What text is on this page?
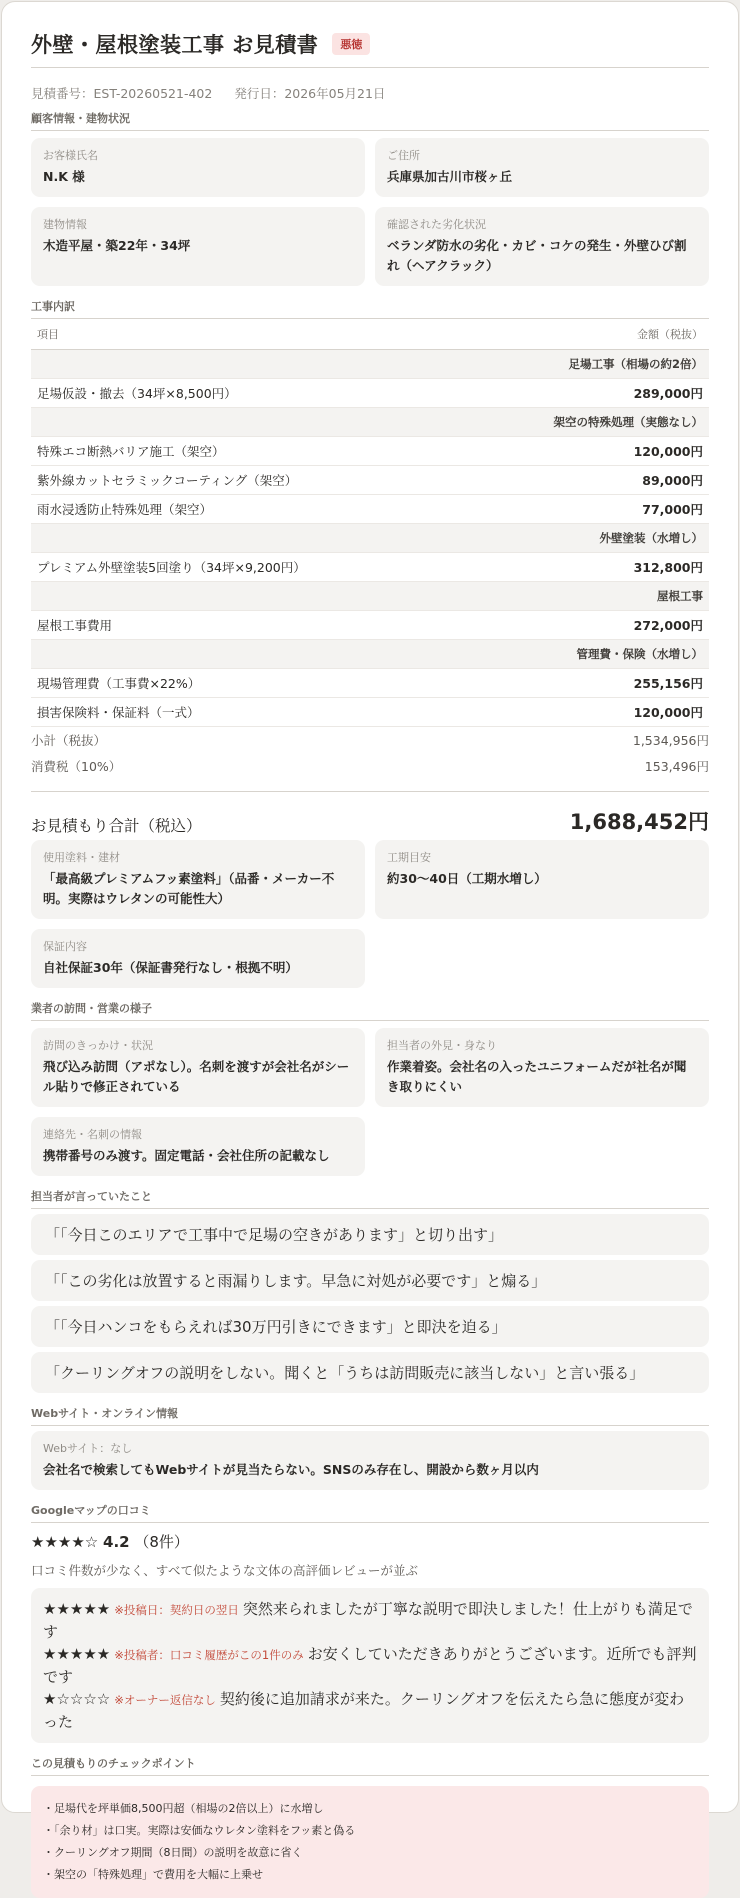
外壁・屋根塗装工事 お見積書	悪徳
見積番号：EST-20260521-402 発行日：2026年05月21日
顧客情報・建物状況
お客様氏名
N.K 様
ご住所
兵庫県加古川市桜ヶ丘
建物情報
木造平屋・築22年・34坪
確認された劣化状況
ベランダ防水の劣化・カビ・コケの発生・外壁ひび割れ（ヘアクラック）
工事内訳
項目	金額（税抜）
足場工事（相場の約2倍）	
足場仮設・撤去（34坪×8,500円）	289,000円
架空の特殊処理（実態なし）	
特殊エコ断熱バリア施工（架空）	120,000円
紫外線カットセラミックコーティング（架空）	89,000円
雨水浸透防止特殊処理（架空）	77,000円
外壁塗装（水増し）	
プレミアム外壁塗装5回塗り（34坪×9,200円）	312,800円
屋根工事	
屋根工事費用	272,000円
管理費・保険（水増し）	
現場管理費（工事費×22%）	255,156円
損害保険料・保証料（一式）	120,000円
小計（税抜）	1,534,956円
消費税（10%）	153,496円
お見積もり合計（税込）	1,688,452円
使用塗料・建材
「最高級プレミアムフッ素塗料」（品番・メーカー不明。実際はウレタンの可能性大）
工期目安
約30〜40日（工期水増し）
保証内容
自社保証30年（保証書発行なし・根拠不明）
業者の訪問・営業の様子
訪問のきっかけ・状況
飛び込み訪問（アポなし）。名刺を渡すが会社名がシール貼りで修正されている
担当者の外見・身なり
作業着姿。会社名の入ったユニフォームだが社名が聞き取りにくい
連絡先・名刺の情報
携帯番号のみ渡す。固定電話・会社住所の記載なし
担当者が言っていたこと
「「今日このエリアで工事中で足場の空きがあります」と切り出す」
「「この劣化は放置すると雨漏りします。早急に対処が必要です」と煽る」
「「今日ハンコをもらえれば30万円引きにできます」と即決を迫る」
「クーリングオフの説明をしない。聞くと「うちは訪問販売に該当しない」と言い張る」
Webサイト・オンライン情報
Webサイト：なし
会社名で検索してもWebサイトが見当たらない。SNSのみ存在し、開設から数ヶ月以内
Googleマップの口コミ
★★★★☆ 4.2 （8件）
口コミ件数が少なく、すべて似たような文体の高評価レビューが並ぶ
★★★★★ ※投稿日：契約日の翌日 突然来られましたが丁寧な説明で即決しました！仕上がりも満足です
★★★★★ ※投稿者：口コミ履歴がこの1件のみ お安くしていただきありがとうございます。近所でも評判です
★☆☆☆☆ ※オーナー返信なし 契約後に追加請求が来た。クーリングオフを伝えたら急に態度が変わった
この見積もりのチェックポイント
・足場代を坪単価8,500円超（相場の2倍以上）に水増し
・「余り材」は口実。実際は安価なウレタン塗料をフッ素と偽る
・クーリングオフ期間（8日間）の説明を故意に省く
・架空の「特殊処理」で費用を大幅に上乗せ
